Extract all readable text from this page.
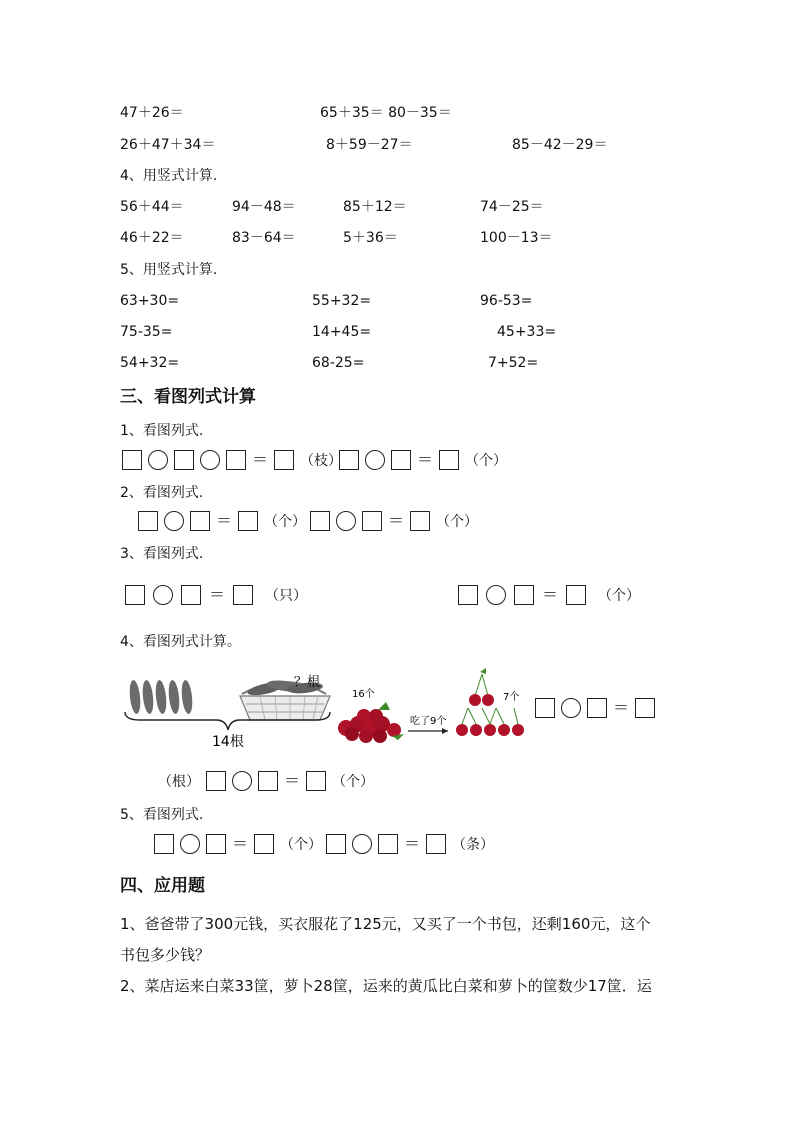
47＋26＝	65＋35＝ 80－35＝
26＋47＋34＝	8＋59－27＝	85－42－29＝
4、用竖式计算.
56＋44＝	94－48＝	85＋12＝	74－25＝
46＋22＝	83－64＝	5＋36＝	100－13＝
5、用竖式计算.
63+30=	55+32=	96-53=
75-35=	14+45=	45+33=
54+32=	68-25=	7+52=
三、看图列式计算
1、看图列式.
＝ （枝）	＝ （个）
2、看图列式.
＝ （个）	＝ （个）
3、看图列式.
＝	（只）	＝	（个）
4、看图列式计算。
？根
14根
16个
吃了9个
7个
＝
（根）	＝ （个）
5、看图列式.
＝ （个）	＝ （条）
四、应用题
1、爸爸带了300元钱，买衣服花了125元，又买了一个书包，还剩160元，这个
书包多少钱？
2、菜店运来白菜33筐，萝卜28筐，运来的黄瓜比白菜和萝卜的筐数少17筐．运
